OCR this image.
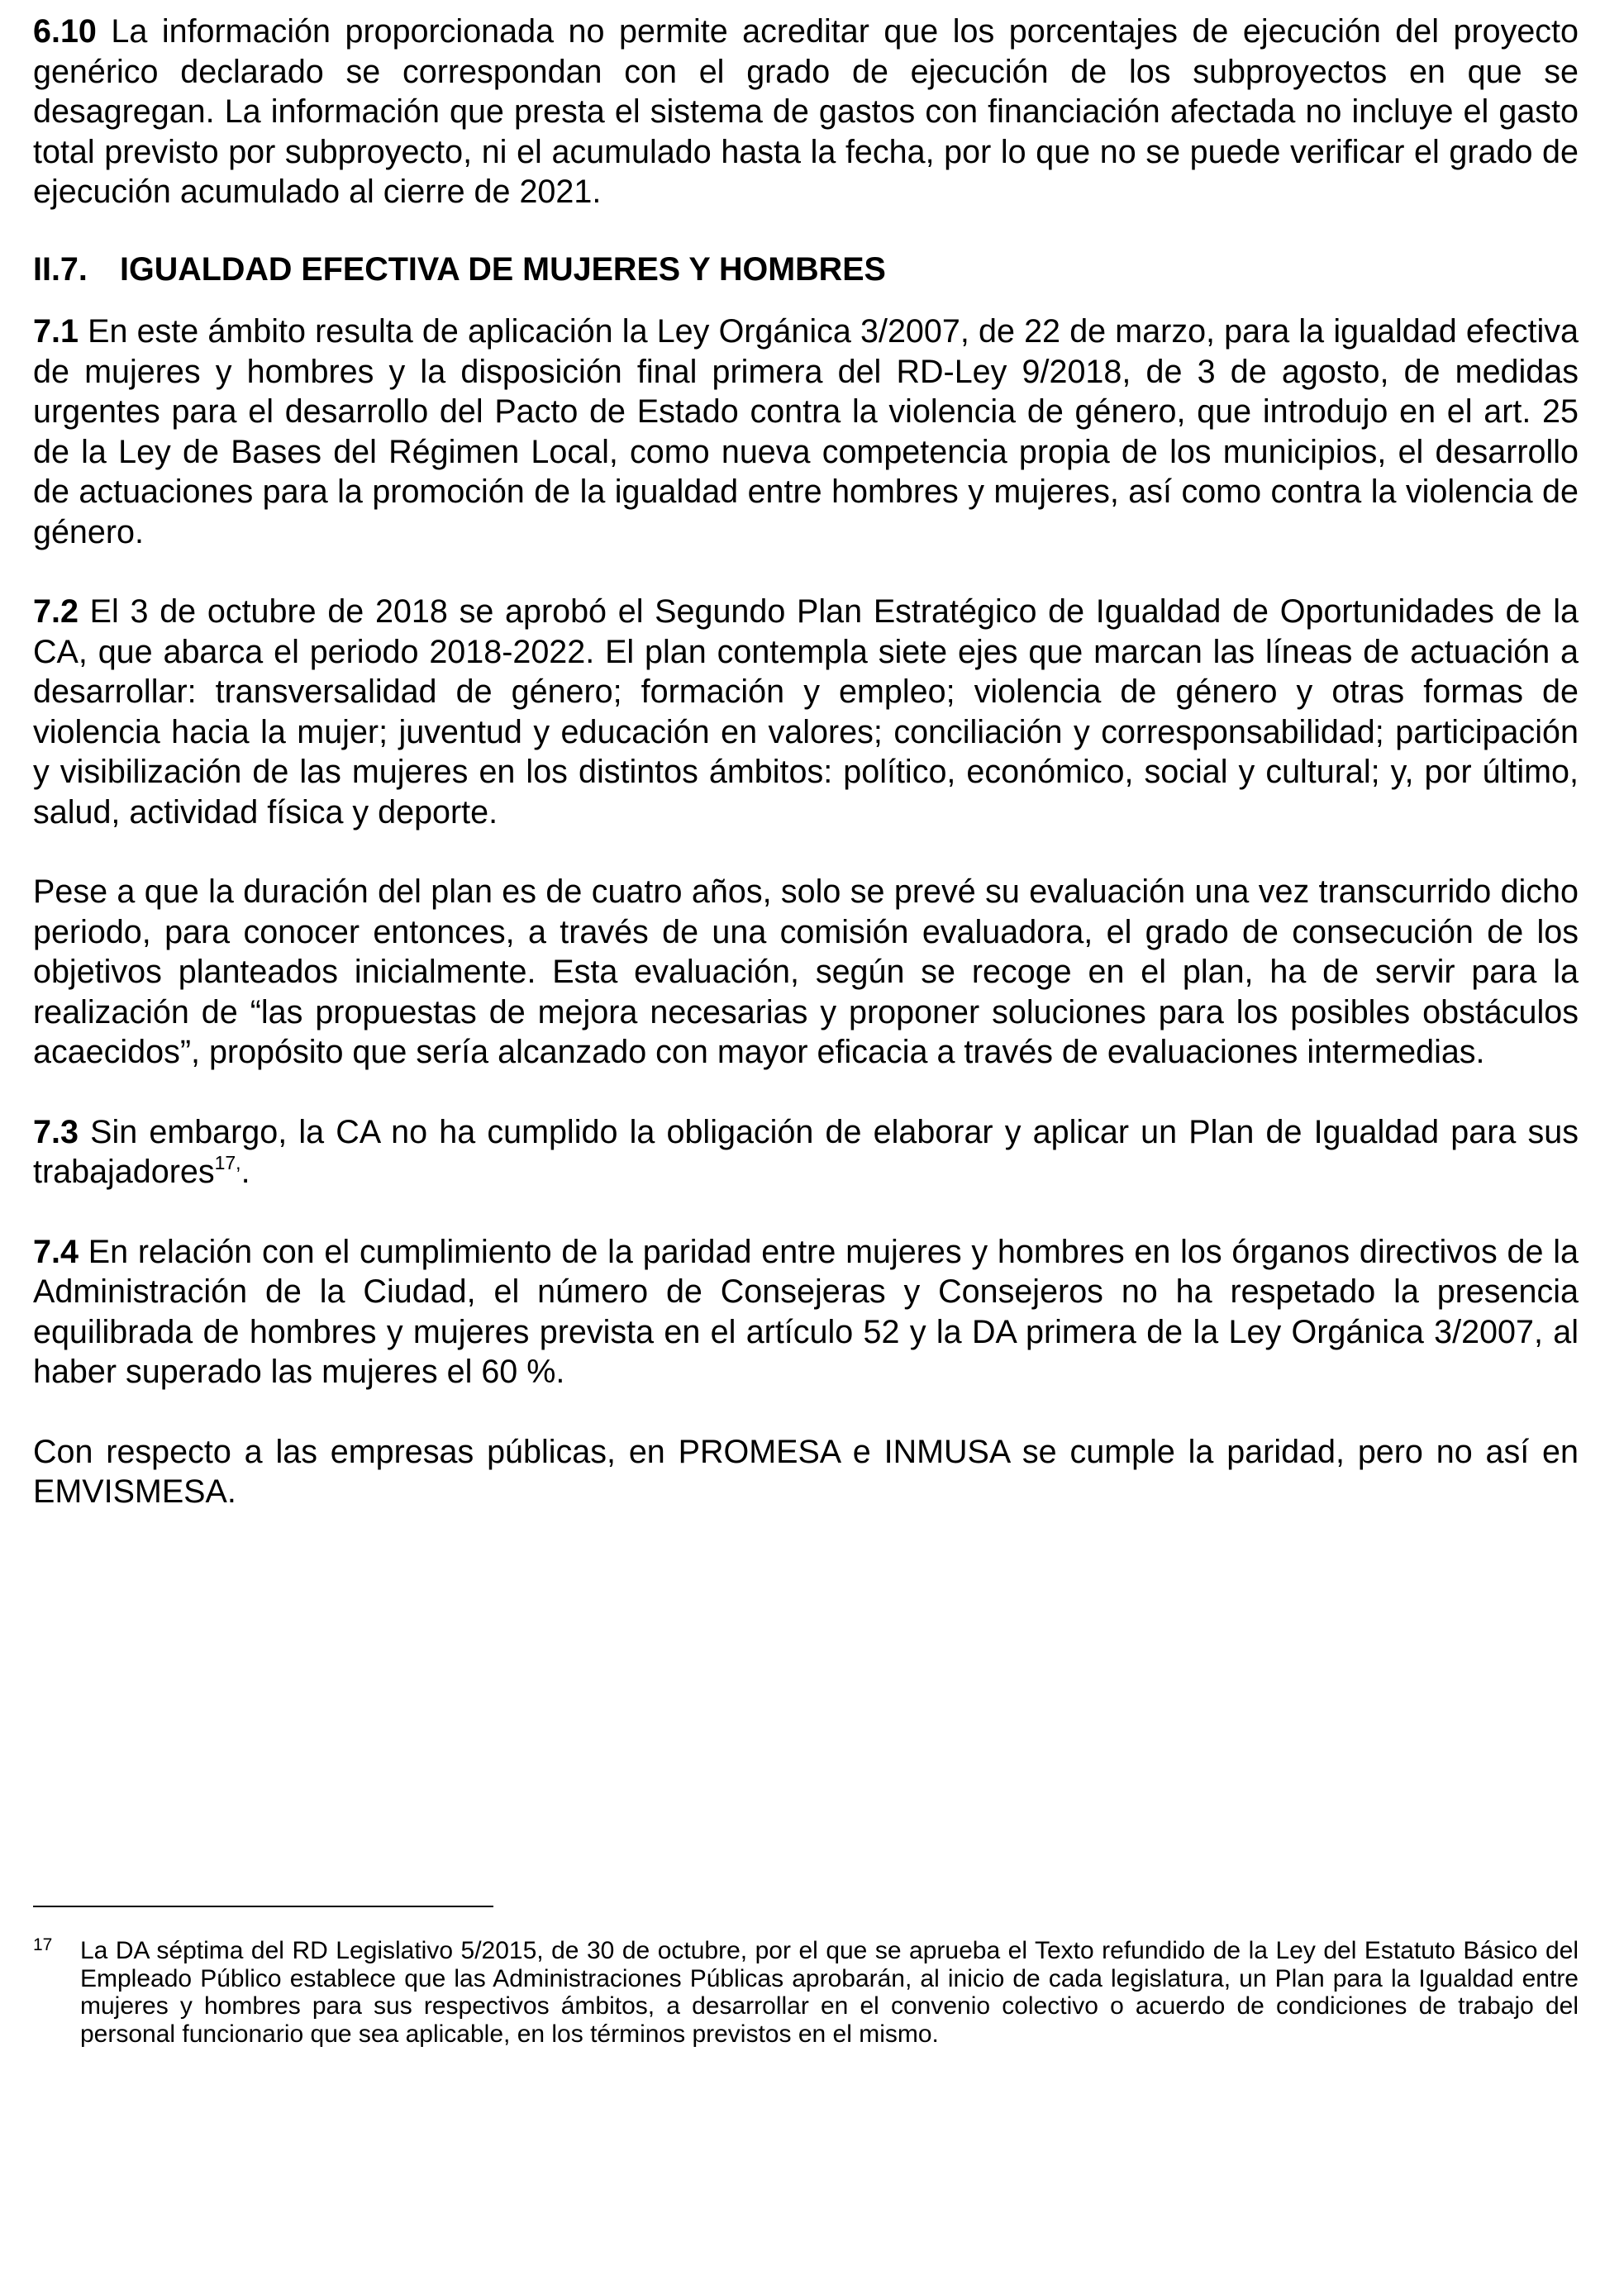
6.10 La información proporcionada no permite acreditar que los porcentajes de ejecución del proyecto genérico declarado se correspondan con el grado de ejecución de los subproyectos en que se desagregan. La información que presta el sistema de gastos con financiación afectada no incluye el gasto total previsto por subproyecto, ni el acumulado hasta la fecha, por lo que no se puede verificar el grado de ejecución acumulado al cierre de 2021.

II.7. IGUALDAD EFECTIVA DE MUJERES Y HOMBRES

7.1 En este ámbito resulta de aplicación la Ley Orgánica 3/2007, de 22 de marzo, para la igualdad efectiva de mujeres y hombres y la disposición final primera del RD-Ley 9/2018, de 3 de agosto, de medidas urgentes para el desarrollo del Pacto de Estado contra la violencia de género, que introdujo en el art. 25 de la Ley de Bases del Régimen Local, como nueva competencia propia de los municipios, el desarrollo de actuaciones para la promoción de la igualdad entre hombres y mujeres, así como contra la violencia de género.

7.2 El 3 de octubre de 2018 se aprobó el Segundo Plan Estratégico de Igualdad de Oportunidades de la CA, que abarca el periodo 2018-2022. El plan contempla siete ejes que marcan las líneas de actuación a desarrollar: transversalidad de género; formación y empleo; violencia de género y otras formas de violencia hacia la mujer; juventud y educación en valores; conciliación y corresponsabilidad; participación y visibilización de las mujeres en los distintos ámbitos: político, económico, social y cultural; y, por último, salud, actividad física y deporte.

Pese a que la duración del plan es de cuatro años, solo se prevé su evaluación una vez transcurrido dicho periodo, para conocer entonces, a través de una comisión evaluadora, el grado de consecución de los objetivos planteados inicialmente. Esta evaluación, según se recoge en el plan, ha de servir para la realización de “las propuestas de mejora necesarias y proponer soluciones para los posibles obstáculos acaecidos”, propósito que sería alcanzado con mayor eficacia a través de evaluaciones intermedias.

7.3 Sin embargo, la CA no ha cumplido la obligación de elaborar y aplicar un Plan de Igualdad para sus trabajadores$^{17,}$.

7.4 En relación con el cumplimiento de la paridad entre mujeres y hombres en los órganos directivos de la Administración de la Ciudad, el número de Consejeras y Consejeros no ha respetado la presencia equilibrada de hombres y mujeres prevista en el artículo 52 y la DA primera de la Ley Orgánica 3/2007, al haber superado las mujeres el 60 %.

Con respecto a las empresas públicas, en PROMESA e INMUSA se cumple la paridad, pero no así en EMVISMESA.

17 La DA séptima del RD Legislativo 5/2015, de 30 de octubre, por el que se aprueba el Texto refundido de la Ley del Estatuto Básico del Empleado Público establece que las Administraciones Públicas aprobarán, al inicio de cada legislatura, un Plan para la Igualdad entre mujeres y hombres para sus respectivos ámbitos, a desarrollar en el convenio colectivo o acuerdo de condiciones de trabajo del personal funcionario que sea aplicable, en los términos previstos en el mismo.
